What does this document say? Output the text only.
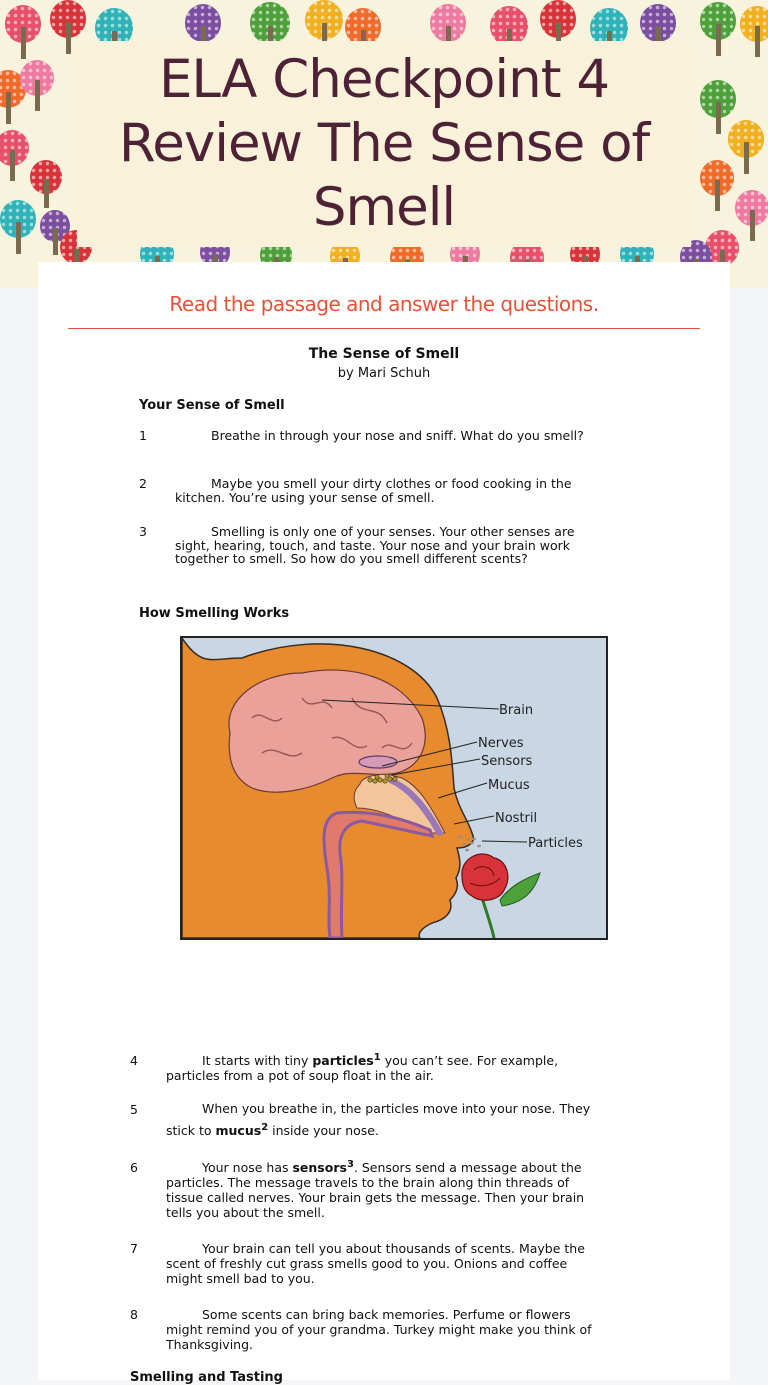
ELA Checkpoint 4 Review The Sense of Smell
Read the passage and answer the questions.
The Sense of Smell
by Mari Schuh
Your Sense of Smell
1	Breathe in through your nose and sniff. What do you smell?
2	Maybe you smell your dirty clothes or food cooking in the kitchen. You’re using your sense of smell.
3	Smelling is only one of your senses. Your other senses are sight, hearing, touch, and taste. Your nose and your brain work together to smell. So how do you smell different scents?
How Smelling Works
Brain
Nerves
Sensors
Mucus
Nostril
Particles
4	It starts with tiny particles$^1$ you can’t see. For example, particles from a pot of soup float in the air.
5	When you breathe in, the particles move into your nose. They stick to mucus$^2$ inside your nose.
6	Your nose has sensors$^3$. Sensors send a message about the particles. The message travels to the brain along thin threads of tissue called nerves. Your brain gets the message. Then your brain tells you about the smell.
7	Your brain can tell you about thousands of scents. Maybe the scent of freshly cut grass smells good to you. Onions and coffee might smell bad to you.
8	Some scents can bring back memories. Perfume or flowers might remind you of your grandma. Turkey might make you think of Thanksgiving.
Smelling and Tasting
